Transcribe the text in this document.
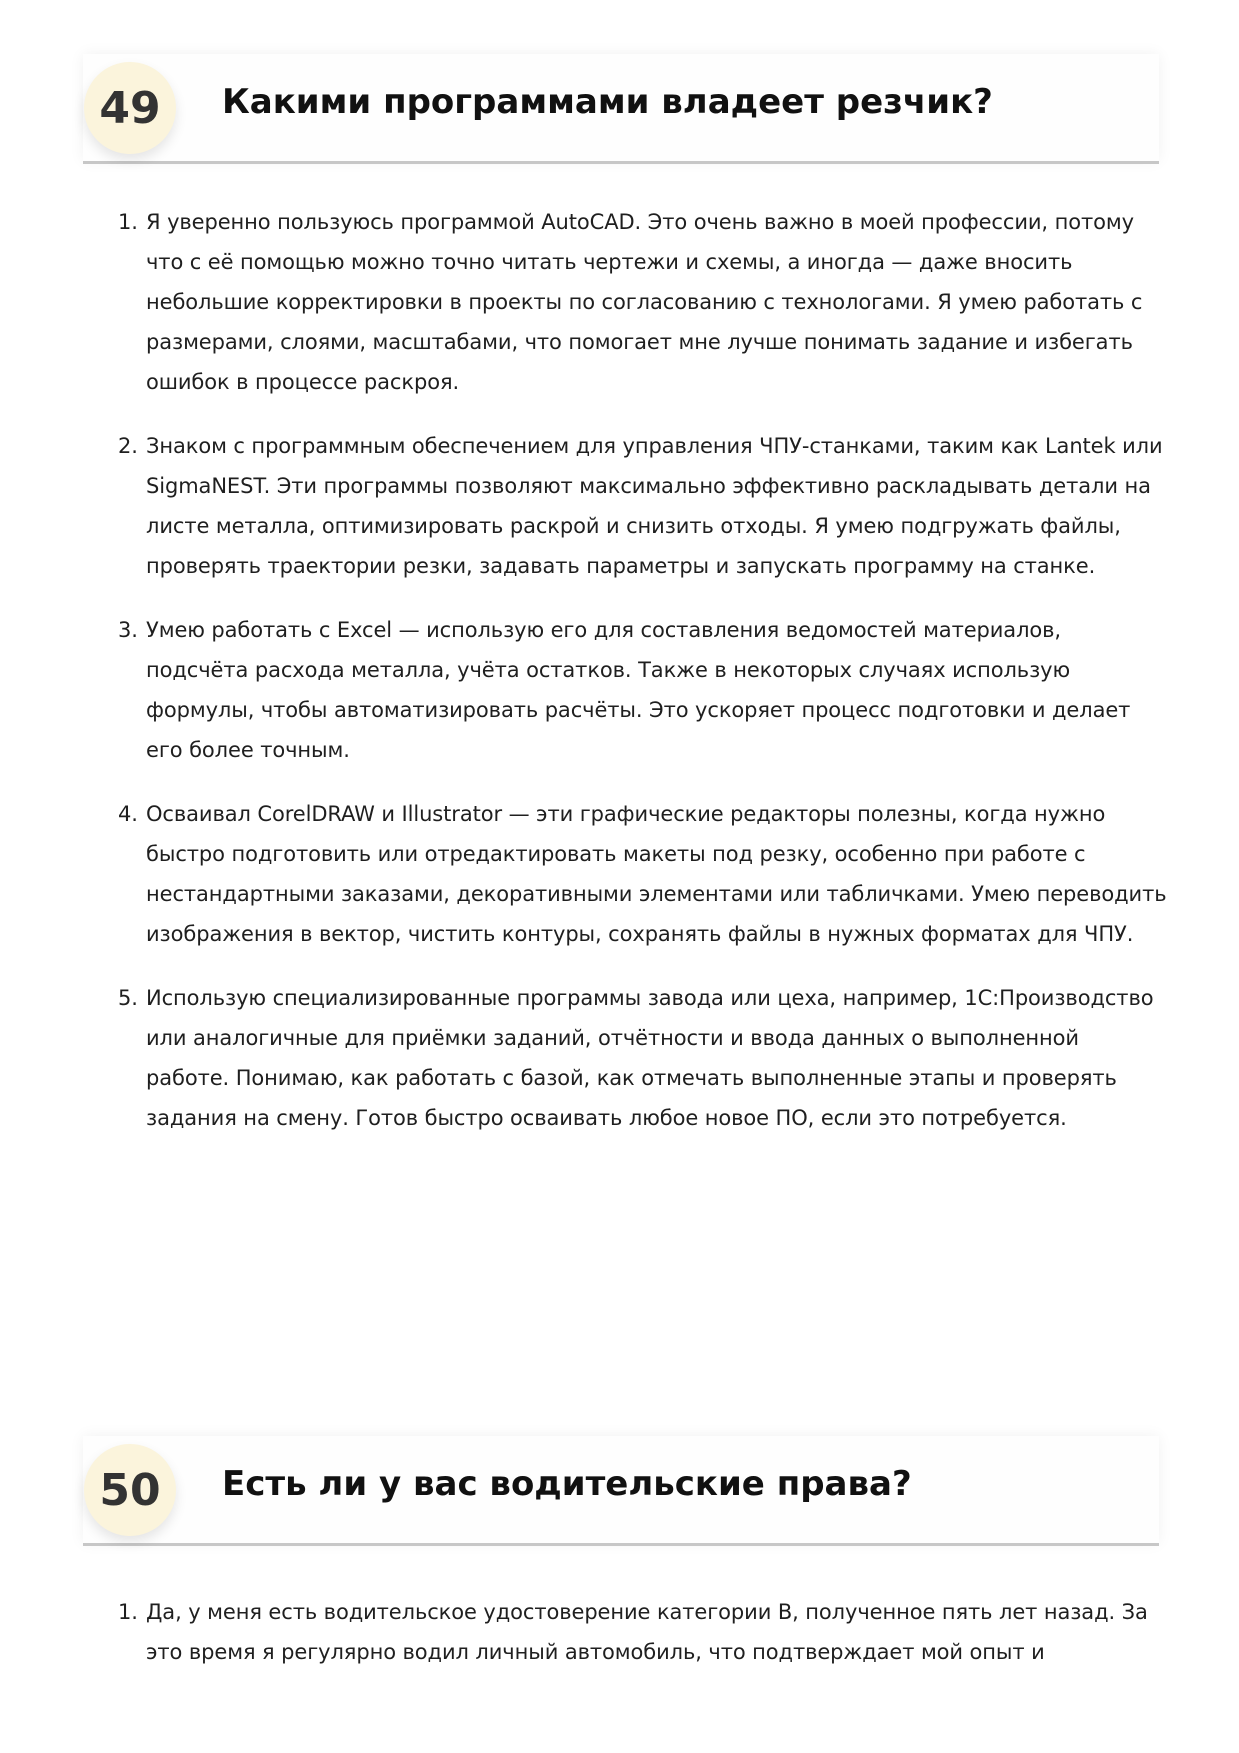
49	Какими программами владеет резчик?
1. Я уверенно пользуюсь программой AutoCAD. Это очень важно в моей профессии, потому что с её помощью можно точно читать чертежи и схемы, а иногда — даже вносить небольшие корректировки в проекты по согласованию с технологами. Я умею работать с размерами, слоями, масштабами, что помогает мне лучше понимать задание и избегать ошибок в процессе раскроя.
2. Знаком с программным обеспечением для управления ЧПУ-станками, таким как Lantek или SigmaNEST. Эти программы позволяют максимально эффективно раскладывать детали на листе металла, оптимизировать раскрой и снизить отходы. Я умею подгружать файлы, проверять траектории резки, задавать параметры и запускать программу на станке.
3. Умею работать с Excel — использую его для составления ведомостей материалов, подсчёта расхода металла, учёта остатков. Также в некоторых случаях использую формулы, чтобы автоматизировать расчёты. Это ускоряет процесс подготовки и делает его более точным.
4. Осваивал CorelDRAW и Illustrator — эти графические редакторы полезны, когда нужно быстро подготовить или отредактировать макеты под резку, особенно при работе с нестандартными заказами, декоративными элементами или табличками. Умею переводить изображения в вектор, чистить контуры, сохранять файлы в нужных форматах для ЧПУ.
5. Использую специализированные программы завода или цеха, например, 1С:Производство или аналогичные для приёмки заданий, отчётности и ввода данных о выполненной работе. Понимаю, как работать с базой, как отмечать выполненные этапы и проверять задания на смену. Готов быстро осваивать любое новое ПО, если это потребуется.
50	Есть ли у вас водительские права?
1. Да, у меня есть водительское удостоверение категории B, полученное пять лет назад. За это время я регулярно водил личный автомобиль, что подтверждает мой опыт и
